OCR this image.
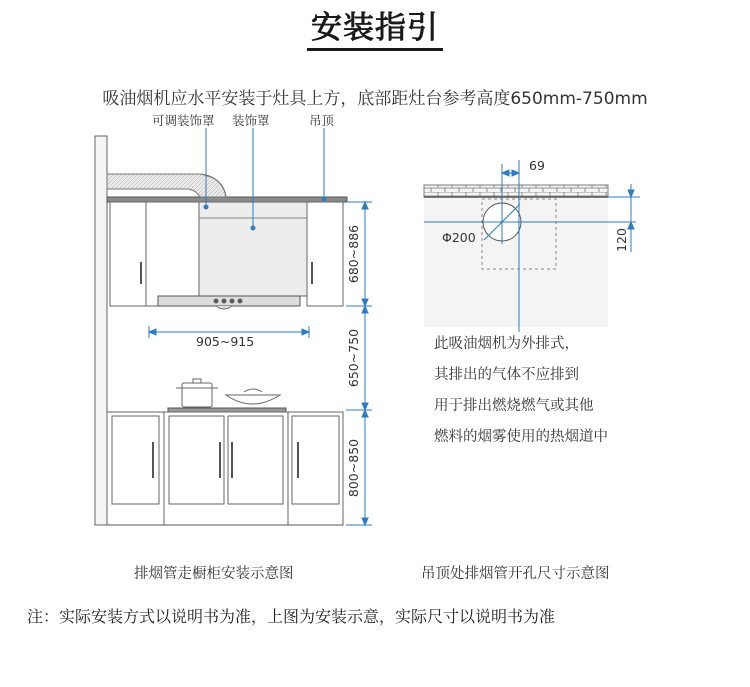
安装指引
吸油烟机应水平安装于灶具上方，底部距灶台参考高度650mm-750mm
可调装饰罩 装饰罩	吊顶
680~886
650~750
800~850
69
120
Φ200
905~915	此吸油烟机为外排式，
其排出的气体不应排到
用于排出燃烧燃气或其他
燃料的烟雾使用的热烟道中
排烟管走橱柜安装示意图	吊顶处排烟管开孔尺寸示意图
注：实际安装方式以说明书为准，上图为安装示意，实际尺寸以说明书为准
